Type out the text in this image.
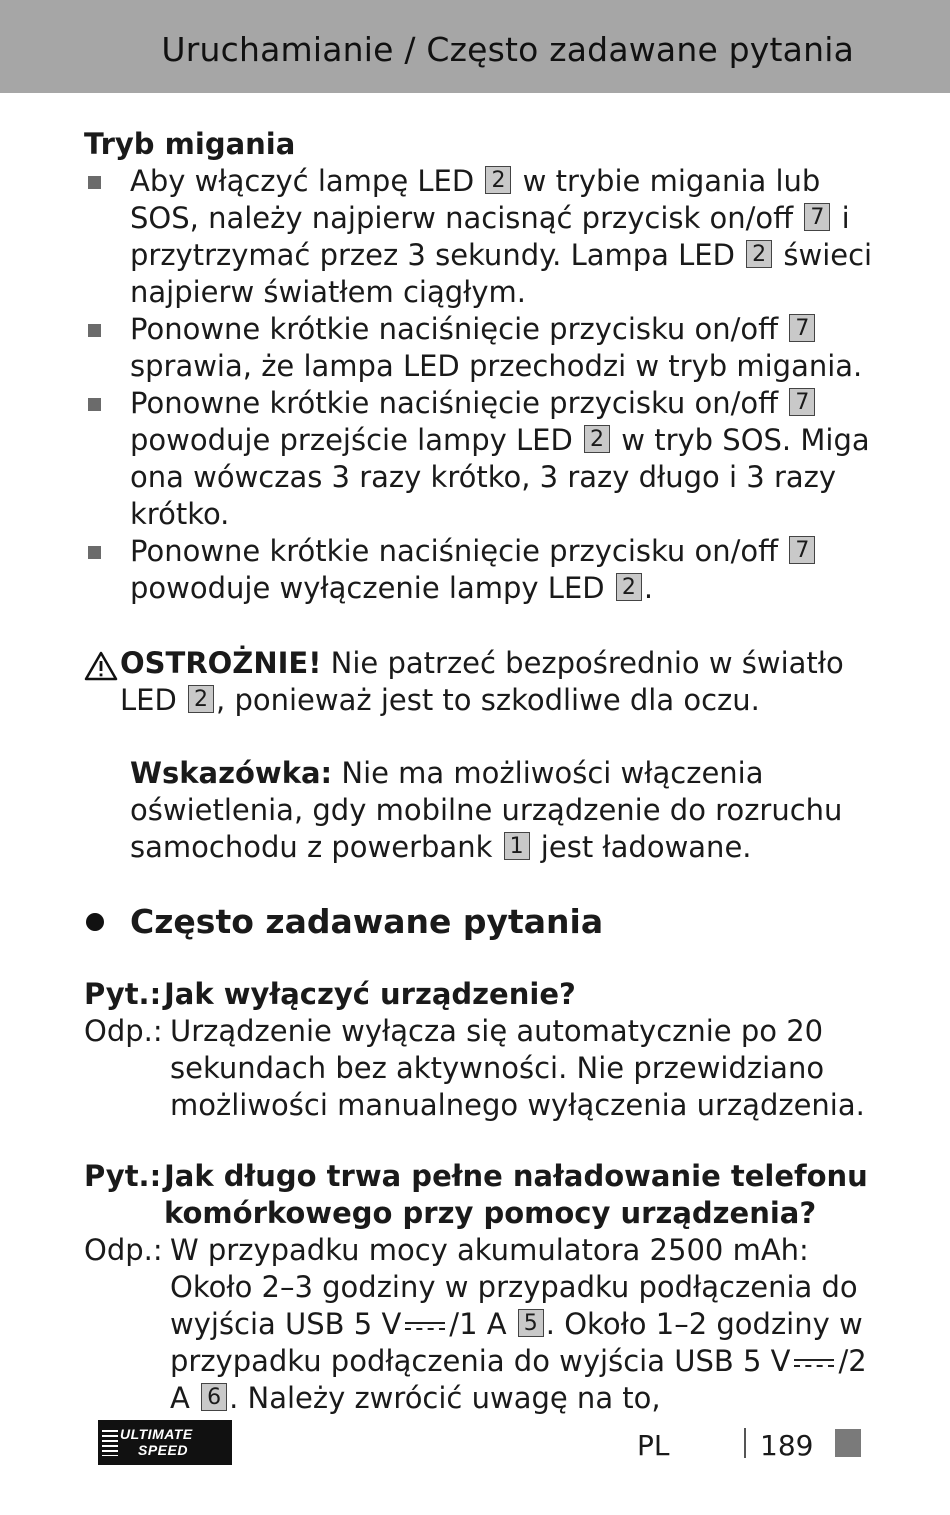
Uruchamianie / Często zadawane pytania

Tryb migania

Aby włączyć lampę LED 2 w trybie migania lub SOS, należy najpierw nacisnąć przycisk on/off 7 i przytrzymać przez 3 sekundy. Lampa LED 2 świeci najpierw światłem ciągłym.
Ponowne krótkie naciśnięcie przycisku on/off 7 sprawia, że lampa LED przechodzi w tryb migania.
Ponowne krótkie naciśnięcie przycisku on/off 7 powoduje przejście lampy LED 2 w tryb SOS. Miga ona wówczas 3 razy krótko, 3 razy długo i 3 razy krótko.
Ponowne krótkie naciśnięcie przycisku on/off 7 powoduje wyłączenie lampy LED 2 .
OSTROŻNIE! Nie patrzeć bezpośrednio w światło LED 2 , ponieważ jest to szkodliwe dla oczu.
Wskazówka: Nie ma możliwości włączenia oświetlenia, gdy mobilne urządzenie do rozruchu samochodu z powerbank 1 jest ładowane.
Często zadawane pytania
Pyt.: Jak wyłączyć urządzenie?
Odp.: Urządzenie wyłącza się automatycznie po 20 sekundach bez aktywności. Nie przewidziano możliwości manualnego wyłączenia urządzenia.
Pyt.: Jak długo trwa pełne naładowanie telefonu komórkowego przy pomocy urządzenia?
Odp.: W przypadku mocy akumulatora 2500 mAh:
Około 2–3 godziny w przypadku podłączenia do wyjścia USB 5 V /1 A 5 . Około 1–2 godziny w przypadku podłączenia do wyjścia USB 5 V /2 A 6 . Należy zwrócić uwagę na to,
ULTIMATE
SPEED	PL	189
